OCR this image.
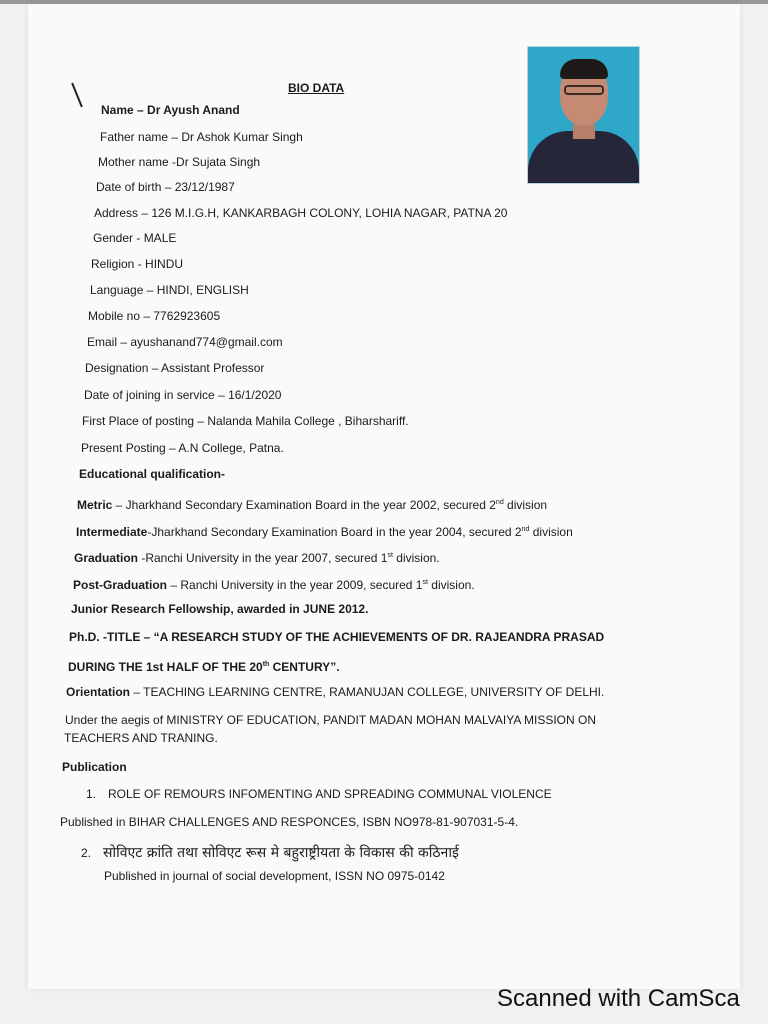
BIO DATA
Name – Dr Ayush Anand
Father name – Dr Ashok Kumar Singh
Mother name -Dr Sujata Singh
Date of birth – 23/12/1987
Address – 126 M.I.G.H, KANKARBAGH COLONY, LOHIA NAGAR, PATNA 20
Gender - MALE
Religion - HINDU
Language – HINDI, ENGLISH
Mobile no – 7762923605
Email – ayushanand774@gmail.com
Designation – Assistant Professor
Date of joining in service – 16/1/2020
First Place of posting – Nalanda Mahila College , Biharshariff.
Present Posting – A.N College, Patna.
Educational qualification-
Metric – Jharkhand Secondary Examination Board in the year 2002, secured 2nd division
Intermediate-Jharkhand Secondary Examination Board in the year 2004, secured 2nd division
Graduation -Ranchi University in the year 2007, secured 1st division.
Post-Graduation – Ranchi University in the year 2009, secured 1st division.
Junior Research Fellowship, awarded in JUNE 2012.
Ph.D. -TITLE – “A RESEARCH STUDY OF THE ACHIEVEMENTS OF DR. RAJEANDRA PRASAD
DURING THE 1st HALF OF THE 20th CENTURY”.
Orientation – TEACHING LEARNING CENTRE, RAMANUJAN COLLEGE, UNIVERSITY OF DELHI.
Under the aegis of MINISTRY OF EDUCATION, PANDIT MADAN MOHAN MALVAIYA MISSION ON
TEACHERS AND TRANING.
Publication
1. ROLE OF REMOURS INFOMENTING AND SPREADING COMMUNAL VIOLENCE
Published in BIHAR CHALLENGES AND RESPONCES, ISBN NO978-81-907031-5-4.
2. सोविएट क्रांति तथा सोविएट रूस मे बहुराष्ट्रीयता के विकास की कठिनाई
Published in journal of social development, ISSN NO 0975-0142
Scanned with CamSca
